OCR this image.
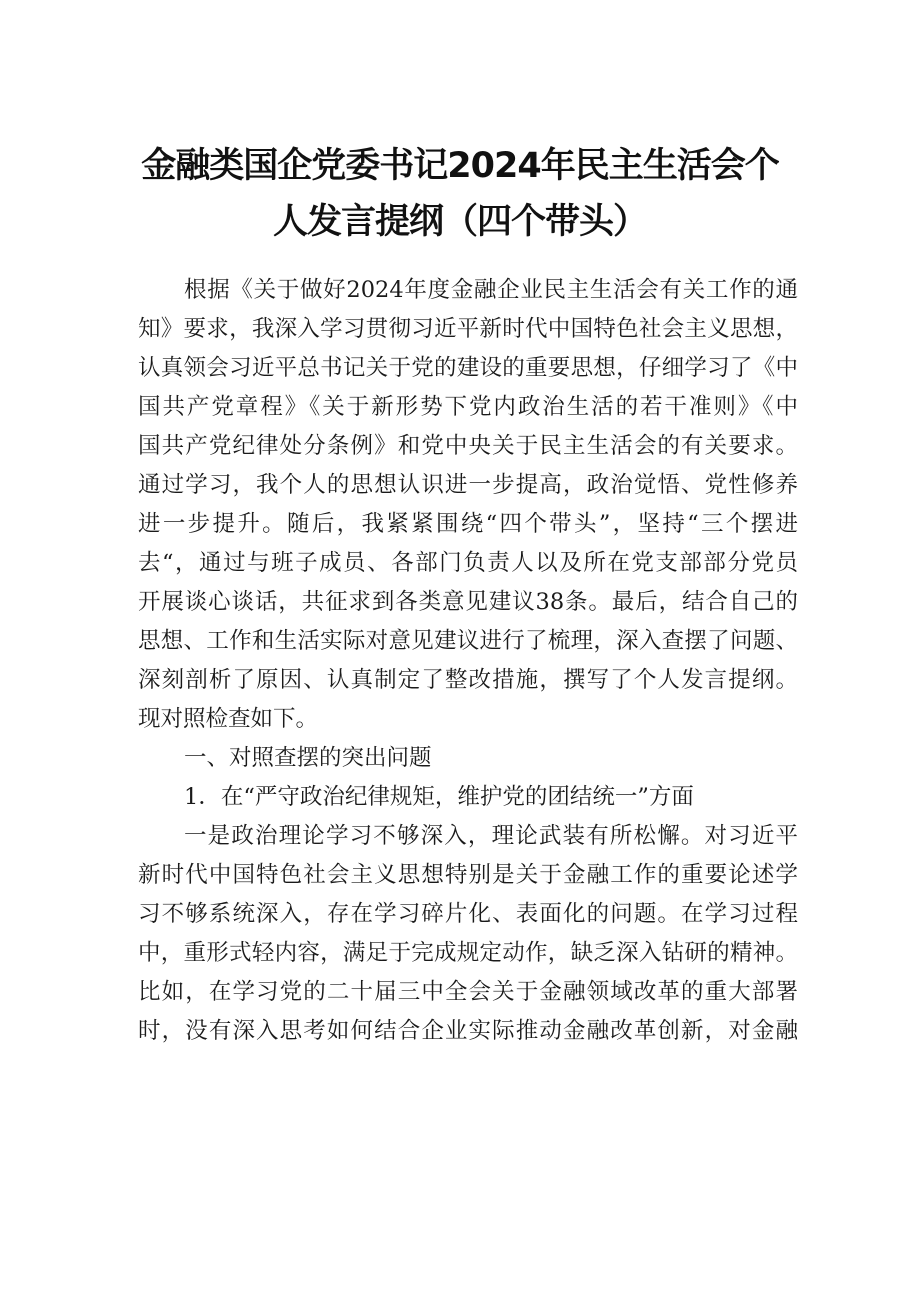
金融类国企党委书记2024年民主生活会个
人发言提纲（四个带头）
根据《关于做好2024年度金融企业民主生活会有关工作的通
知》要求，我深入学习贯彻习近平新时代中国特色社会主义思想，
认真领会习近平总书记关于党的建设的重要思想，仔细学习了《中
国共产党章程》《关于新形势下党内政治生活的若干准则》《中
国共产党纪律处分条例》和党中央关于民主生活会的有关要求。
通过学习，我个人的思想认识进一步提高，政治觉悟、党性修养
进一步提升。随后，我紧紧围绕“四个带头”，坚持“三个摆进
去“，通过与班子成员、各部门负责人以及所在党支部部分党员
开展谈心谈话，共征求到各类意见建议38条。最后，结合自己的
思想、工作和生活实际对意见建议进行了梳理，深入查摆了问题、
深刻剖析了原因、认真制定了整改措施，撰写了个人发言提纲。
现对照检查如下。
一、对照查摆的突出问题
1．在“严守政治纪律规矩，维护党的团结统一”方面
一是政治理论学习不够深入，理论武装有所松懈。对习近平
新时代中国特色社会主义思想特别是关于金融工作的重要论述学
习不够系统深入，存在学习碎片化、表面化的问题。在学习过程
中，重形式轻内容，满足于完成规定动作，缺乏深入钻研的精神。
比如，在学习党的二十届三中全会关于金融领域改革的重大部署
时，没有深入思考如何结合企业实际推动金融改革创新，对金融
